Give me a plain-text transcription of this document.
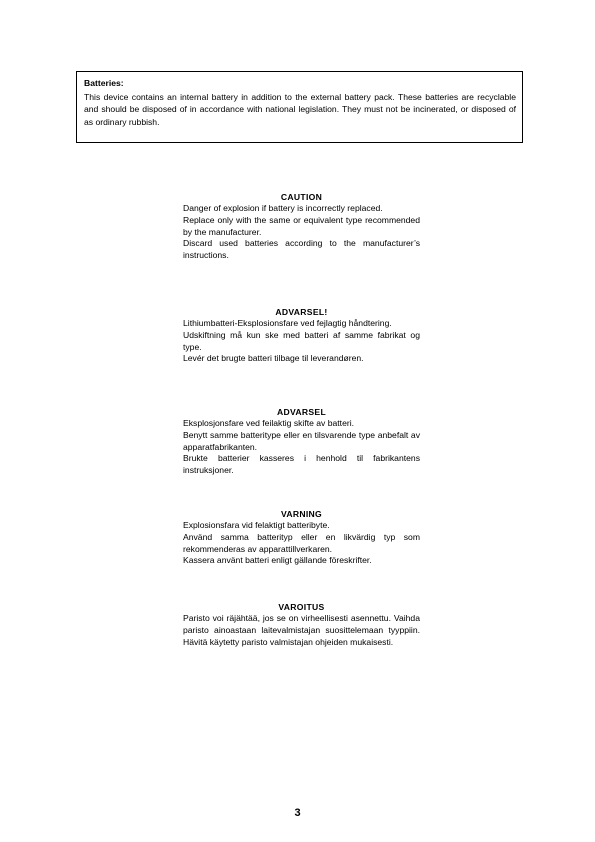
Batteries:

This device contains an internal battery in addition to the external battery pack. These batteries are recyclable and should be disposed of in accordance with national legislation. They must not be incinerated, or disposed of as ordinary rubbish.

CAUTION
Danger of explosion if battery is incorrectly replaced.
Replace only with the same or equivalent type recommended by the manufacturer.
Discard used batteries according to the manufacturer’s instructions.
ADVARSEL!
Lithiumbatteri-Eksplosionsfare ved fejlagtig håndtering.
Udskiftning må kun ske med batteri af samme fabrikat og type.
Levér det brugte batteri tilbage til leverandøren.
ADVARSEL
Eksplosjonsfare ved feilaktig skifte av batteri.
Benytt samme batteritype eller en tilsvarende type anbefalt av apparatfabrikanten.
Brukte batterier kasseres i henhold til fabrikantens instruksjoner.
VARNING
Explosionsfara vid felaktigt batteribyte.
Använd samma batterityp eller en likvärdig typ som rekommenderas av apparattillverkaren.
Kassera använt batteri enligt gällande föreskrifter.
VAROITUS
Paristo voi räjähtää, jos se on virheellisesti asennettu. Vaihda paristo ainoastaan laitevalmistajan suosittelemaan tyyppiin. Hävitä käytetty paristo valmistajan ohjeiden mukaisesti.
3
